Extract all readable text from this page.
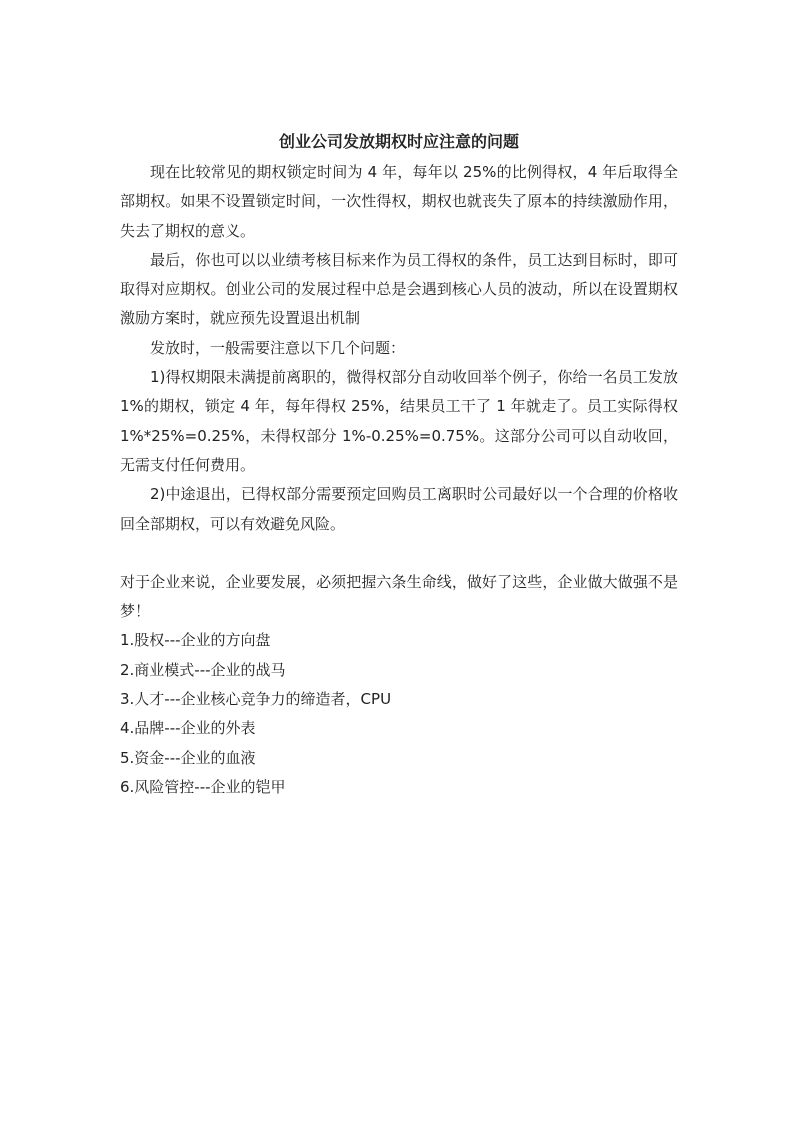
创业公司发放期权时应注意的问题

现在比较常见的期权锁定时间为 4 年，每年以 25%的比例得权，4 年后取得全部期权。如果不设置锁定时间，一次性得权，期权也就丧失了原本的持续激励作用，失去了期权的意义。

最后，你也可以以业绩考核目标来作为员工得权的条件，员工达到目标时，即可取得对应期权。创业公司的发展过程中总是会遇到核心人员的波动，所以在设置期权激励方案时，就应预先设置退出机制

发放时，一般需要注意以下几个问题：

1)得权期限未满提前离职的，微得权部分自动收回举个例子，你给一名员工发放 1%的期权，锁定 4 年，每年得权 25%，结果员工干了 1 年就走了。员工实际得权 1%*25%=0.25%，未得权部分 1%-0.25%=0.75%。这部分公司可以自动收回，无需支付任何费用。

2)中途退出，已得权部分需要预定回购员工离职时公司最好以一个合理的价格收回全部期权，可以有效避免风险。

对于企业来说，企业要发展，必须把握六条生命线，做好了这些，企业做大做强不是梦！

1.股权---企业的方向盘

2.商业模式---企业的战马

3.人才---企业核心竞争力的缔造者，CPU

4.品牌---企业的外表

5.资金---企业的血液

6.风险管控---企业的铠甲
